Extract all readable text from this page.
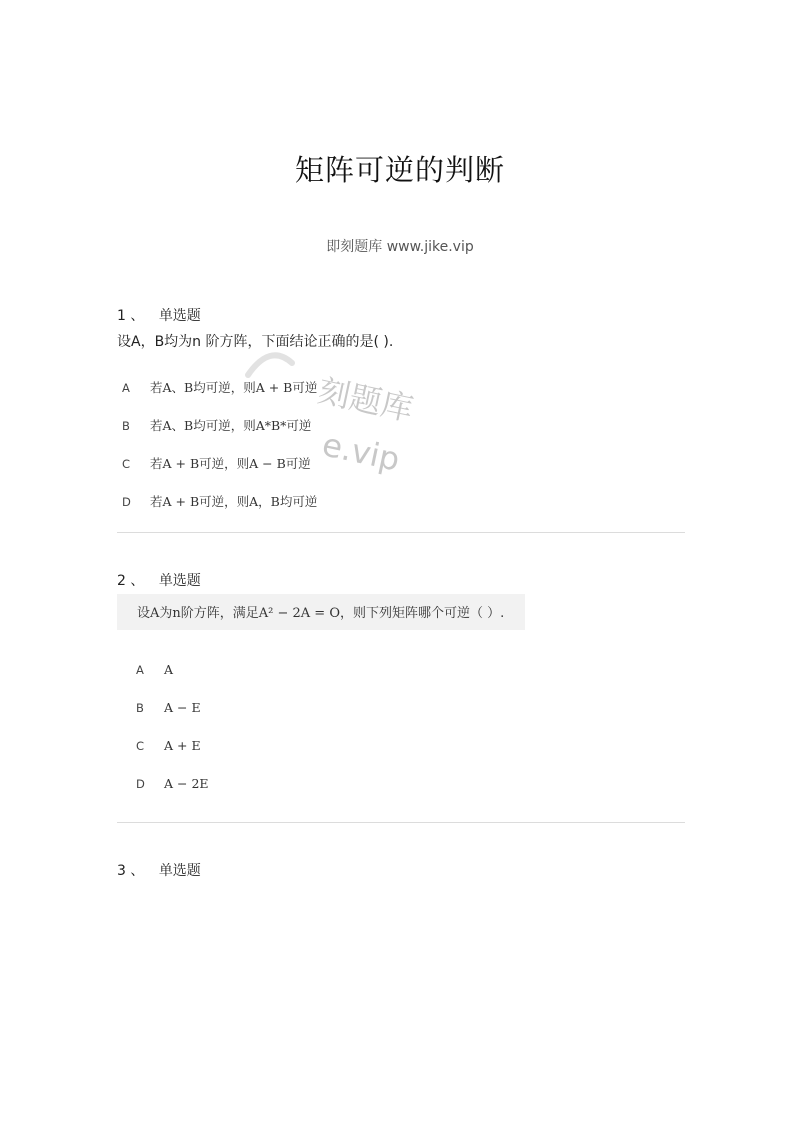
矩阵可逆的判断
即刻题库 www.jike.vip
1 、 单选题
设A，B均为n 阶方阵，下面结论正确的是( ).
A 若A、B均可逆，则A + B可逆
B 若A、B均可逆，则A*B*可逆
C 若A + B可逆，则A − B可逆
D 若A + B可逆，则A，B均可逆
刻题库
e.vip
2 、 单选题
设A为n阶方阵，满足A² − 2A = O，则下列矩阵哪个可逆（ ）.
A A
B A − E
C A + E
D A − 2E
3 、 单选题
